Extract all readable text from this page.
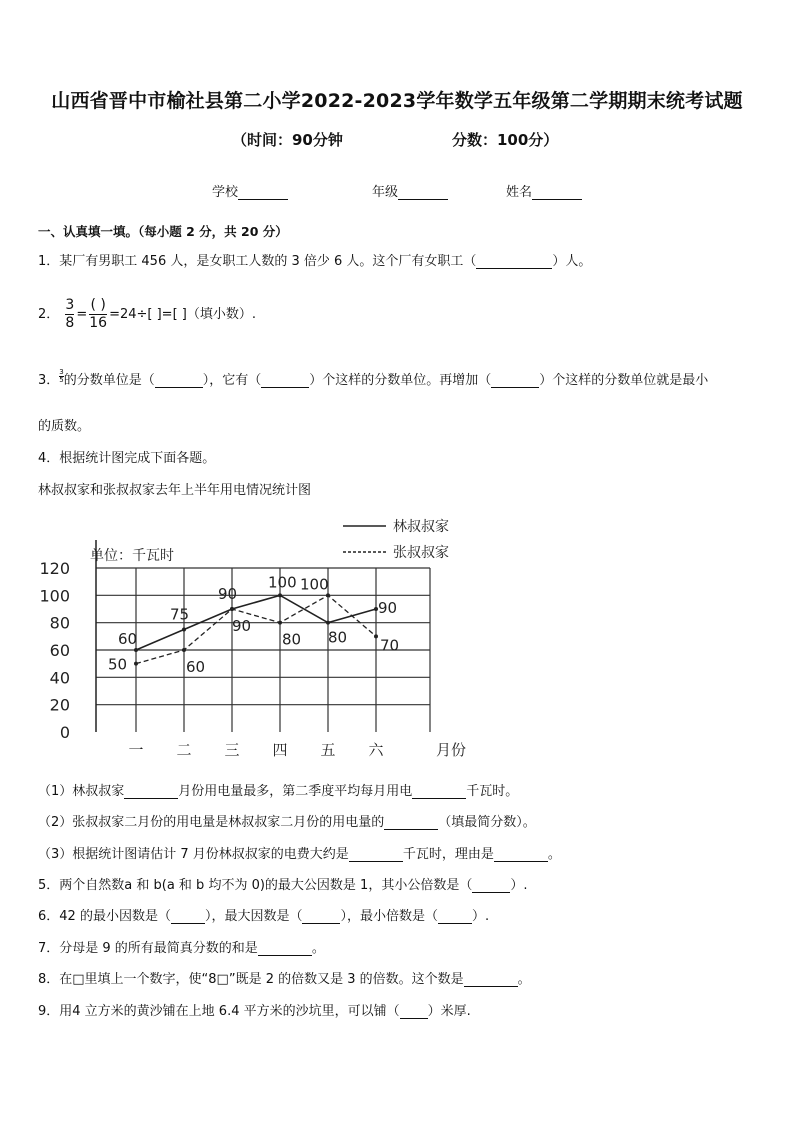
山西省晋中市榆社县第二小学2022-2023学年数学五年级第二学期期末统考试题
（时间：90分钟	分数：100分）
学校	年级	姓名
一、认真填一填。（每小题 2 分，共 20 分）
1．某厂有男职工 456 人，是女职工人数的 3 倍少 6 人。这个厂有女职工（	）人。
2． $\frac{3}{8} = \frac{( )}{16} =24\div$[ ]=[ ]（填小数）.
3． $\frac{3}{5}$ 的分数单位是（	），它有（	）个这样的分数单位。再增加（	）个这样的分数单位就是最小
的质数。
4．根据统计图完成下面各题。
林叔叔家和张叔叔家去年上半年用电情况统计图
0
20
40
60
80
100
120
一 二 三 四 五 六
60
75
90
100
80
90
50	60
90
80
100
70
林叔叔家
张叔叔家
单位：千瓦时
月份
（1）林叔叔家	月份用电量最多，第二季度平均每月用电	千瓦时。
（2）张叔叔家二月份的用电量是林叔叔家二月份的用电量的	（填最简分数）。
（3）根据统计图请估计 7 月份林叔叔家的电费大约是	千瓦时，理由是	。
5．两个自然数a 和 b(a 和 b 均不为 0)的最大公因数是 1，其小公倍数是（	）.
6．42 的最小因数是（	），最大因数是（	），最小倍数是（	）.
7．分母是 9 的所有最简真分数的和是	。
8．在□里填上一个数字，使“8□”既是 2 的倍数又是 3 的倍数。这个数是	。
9．用4 立方米的黄沙铺在上地 6.4 平方米的沙坑里，可以铺（ ）米厚.
